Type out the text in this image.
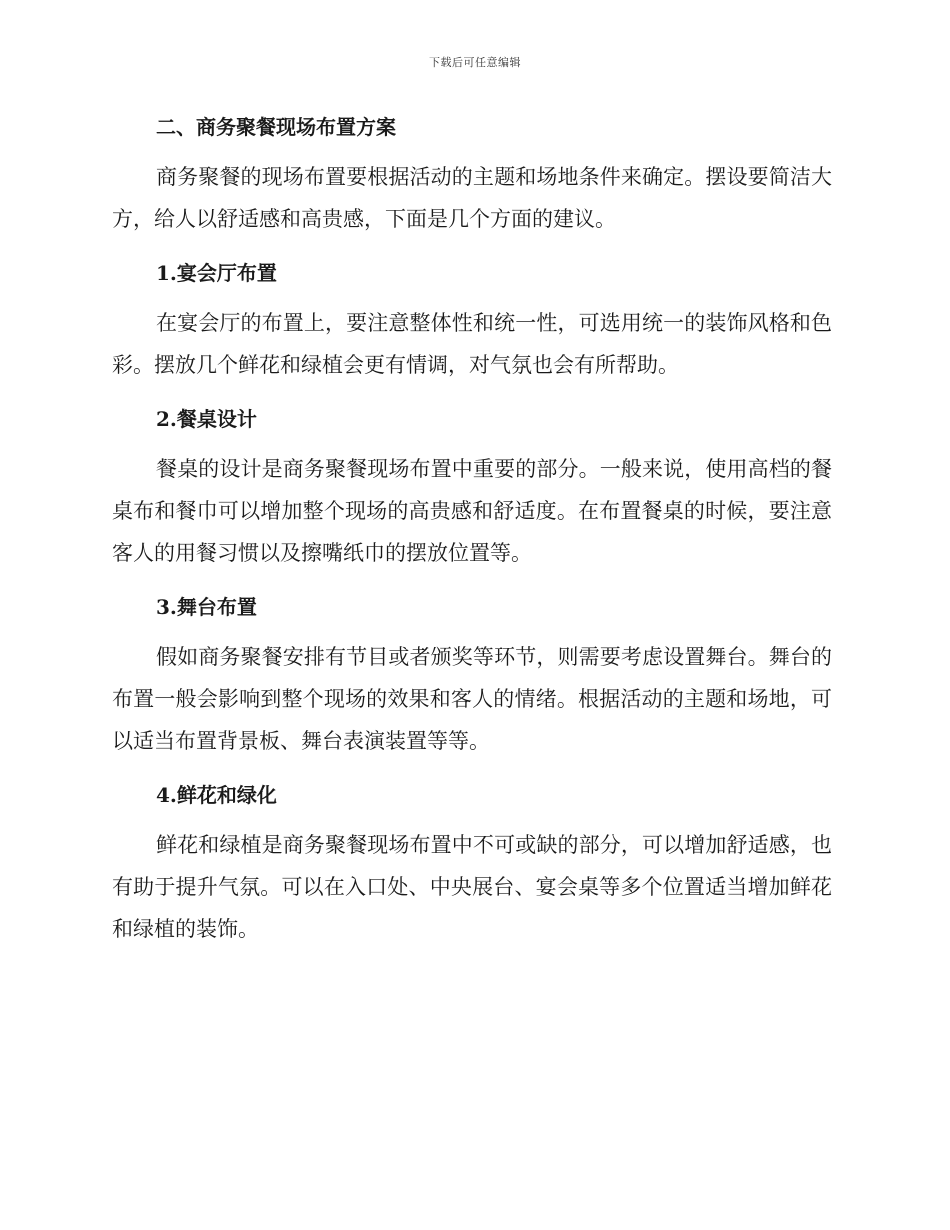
下载后可任意编辑
二、商务聚餐现场布置方案

商务聚餐的现场布置要根据活动的主题和场地条件来确定。摆设要简洁大方，给人以舒适感和高贵感，下面是几个方面的建议。

1.宴会厅布置

在宴会厅的布置上，要注意整体性和统一性，可选用统一的装饰风格和色彩。摆放几个鲜花和绿植会更有情调，对气氛也会有所帮助。

2.餐桌设计

餐桌的设计是商务聚餐现场布置中重要的部分。一般来说，使用高档的餐桌布和餐巾可以增加整个现场的高贵感和舒适度。在布置餐桌的时候，要注意客人的用餐习惯以及擦嘴纸巾的摆放位置等。

3.舞台布置

假如商务聚餐安排有节目或者颁奖等环节，则需要考虑设置舞台。舞台的布置一般会影响到整个现场的效果和客人的情绪。根据活动的主题和场地，可以适当布置背景板、舞台表演装置等等。

4.鲜花和绿化

鲜花和绿植是商务聚餐现场布置中不可或缺的部分，可以增加舒适感，也有助于提升气氛。可以在入口处、中央展台、宴会桌等多个位置适当增加鲜花和绿植的装饰。
